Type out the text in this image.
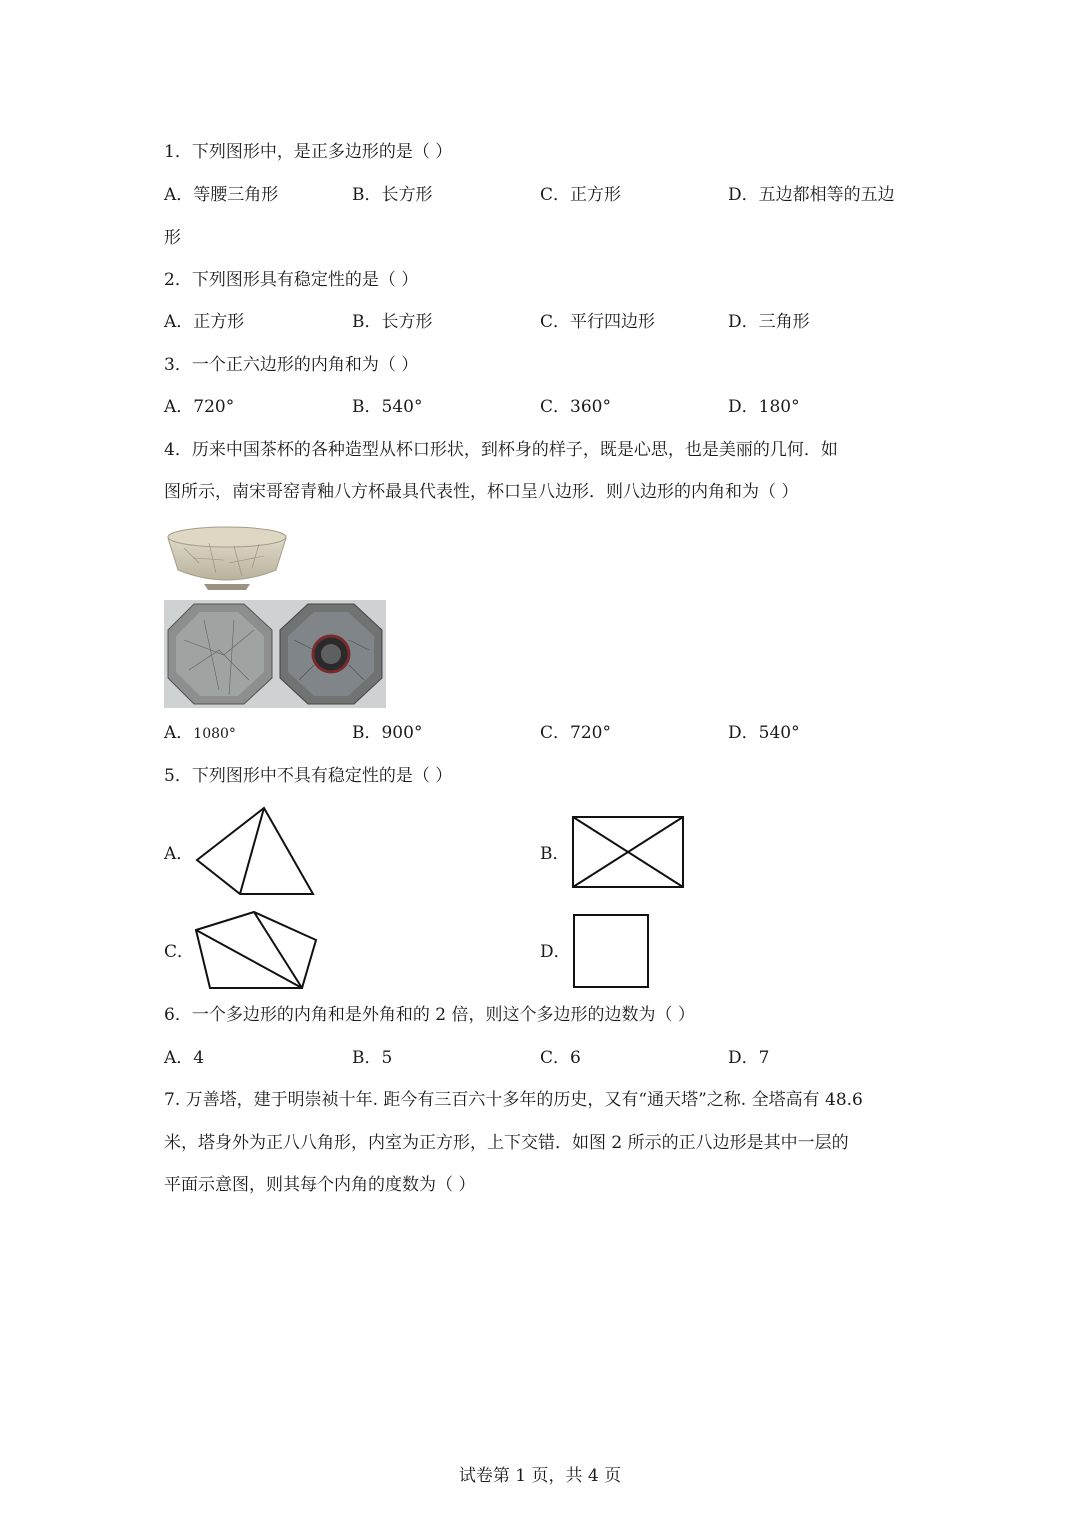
1．下列图形中，是正多边形的是（ ）
A．等腰三角形	B．长方形	C．正方形	D．五边都相等的五边
形
2．下列图形具有稳定性的是（ ）
A．正方形	B．长方形	C．平行四边形	D．三角形
3．一个正六边形的内角和为（ ）
A．720°	B．540°	C．360°	D．180°
4．历来中国茶杯的各种造型从杯口形状，到杯身的样子，既是心思，也是美丽的几何．如
图所示，南宋哥窑青釉八方杯最具代表性，杯口呈八边形．则八边形的内角和为（ ）
A．1080°	B．900°	C．720°	D．540°
5．下列图形中不具有稳定性的是（ ）
A．	B．
C．	D．
6．一个多边形的内角和是外角和的 2 倍，则这个多边形的边数为（ ）
A．4	B．5	C．6	D．7
7. 万善塔，建于明崇祯十年. 距今有三百六十多年的历史，又有“通天塔”之称. 全塔高有 48.6
米，塔身外为正八八角形，内室为正方形，上下交错．如图 2 所示的正八边形是其中一层的
平面示意图，则其每个内角的度数为（ ）
试卷第 1 页，共 4 页
